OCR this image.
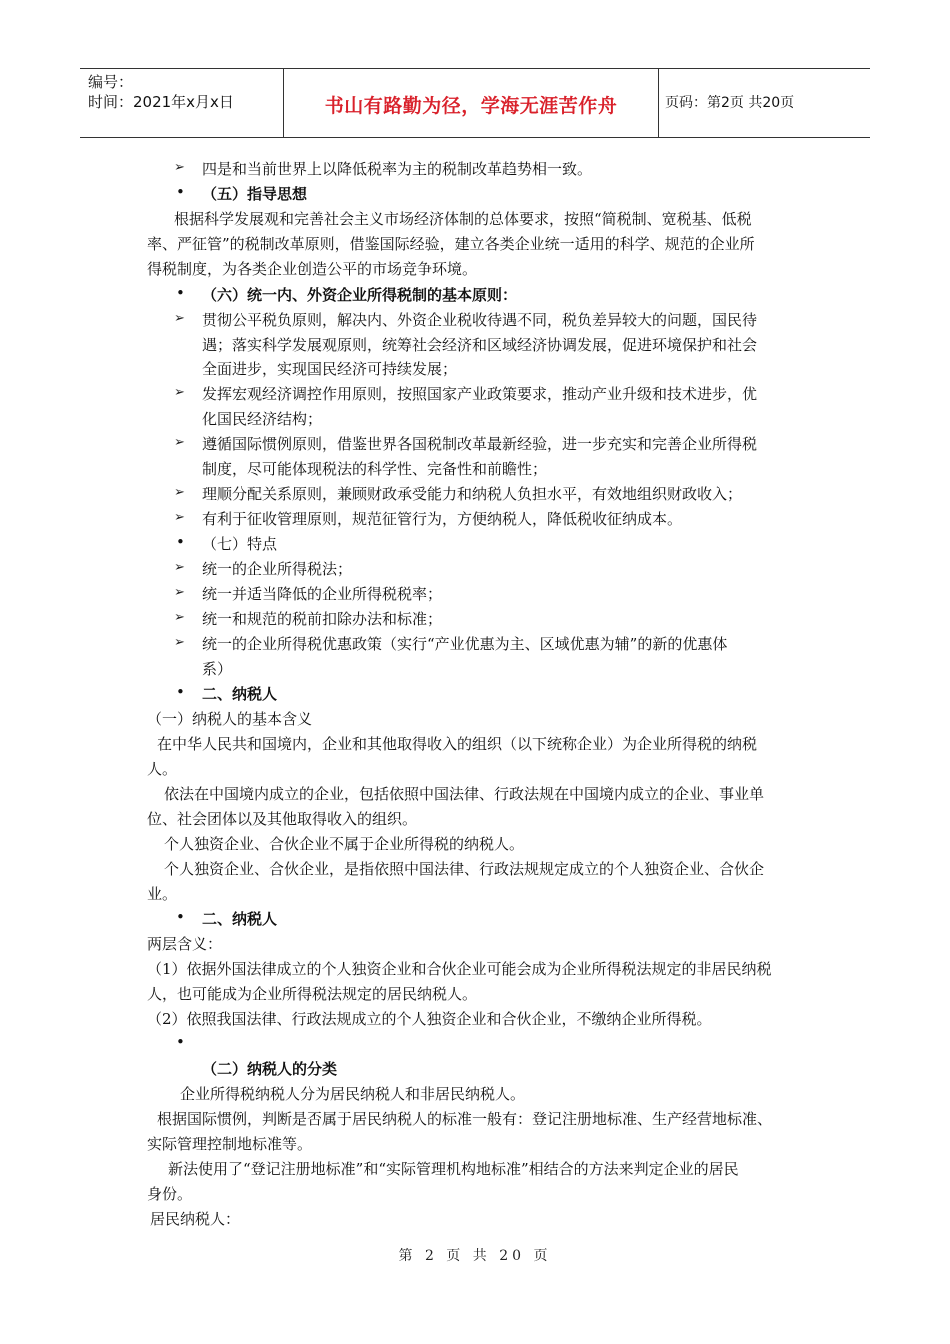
编号：
时间：2021年x月x日	书山有路勤为径，学海无涯苦作舟	页码：第2页 共20页
➢ 四是和当前世界上以降低税率为主的税制改革趋势相一致。
• （五）指导思想
根据科学发展观和完善社会主义市场经济体制的总体要求，按照“简税制、宽税基、低税
率、严征管”的税制改革原则，借鉴国际经验，建立各类企业统一适用的科学、规范的企业所
得税制度，为各类企业创造公平的市场竞争环境。
• （六）统一内、外资企业所得税制的基本原则：
➢ 贯彻公平税负原则，解决内、外资企业税收待遇不同，税负差异较大的问题，国民待
遇；落实科学发展观原则，统筹社会经济和区域经济协调发展，促进环境保护和社会
全面进步，实现国民经济可持续发展；
➢ 发挥宏观经济调控作用原则，按照国家产业政策要求，推动产业升级和技术进步，优
化国民经济结构；
➢ 遵循国际惯例原则，借鉴世界各国税制改革最新经验，进一步充实和完善企业所得税
制度，尽可能体现税法的科学性、完备性和前瞻性；
➢ 理顺分配关系原则，兼顾财政承受能力和纳税人负担水平，有效地组织财政收入；
➢ 有利于征收管理原则，规范征管行为，方便纳税人，降低税收征纳成本。
• （七）特点
➢ 统一的企业所得税法；
➢ 统一并适当降低的企业所得税税率；
➢ 统一和规范的税前扣除办法和标准；
➢ 统一的企业所得税优惠政策（实行“产业优惠为主、区域优惠为辅”的新的优惠体
系）
• 二、纳税人
（一）纳税人的基本含义
在中华人民共和国境内，企业和其他取得收入的组织（以下统称企业）为企业所得税的纳税
人。
依法在中国境内成立的企业，包括依照中国法律、行政法规在中国境内成立的企业、事业单
位、社会团体以及其他取得收入的组织。
个人独资企业、合伙企业不属于企业所得税的纳税人。
个人独资企业、合伙企业，是指依照中国法律、行政法规规定成立的个人独资企业、合伙企
业。
• 二、纳税人
两层含义：
（1）依据外国法律成立的个人独资企业和合伙企业可能会成为企业所得税法规定的非居民纳税
人，也可能成为企业所得税法规定的居民纳税人。
（2）依照我国法律、行政法规成立的个人独资企业和合伙企业，不缴纳企业所得税。
•
（二）纳税人的分类
企业所得税纳税人分为居民纳税人和非居民纳税人。
根据国际惯例，判断是否属于居民纳税人的标准一般有：登记注册地标准、生产经营地标准、
实际管理控制地标准等。
新法使用了“登记注册地标准”和“实际管理机构地标准”相结合的方法来判定企业的居民
身份。
居民纳税人：
第 2 页 共 20 页
